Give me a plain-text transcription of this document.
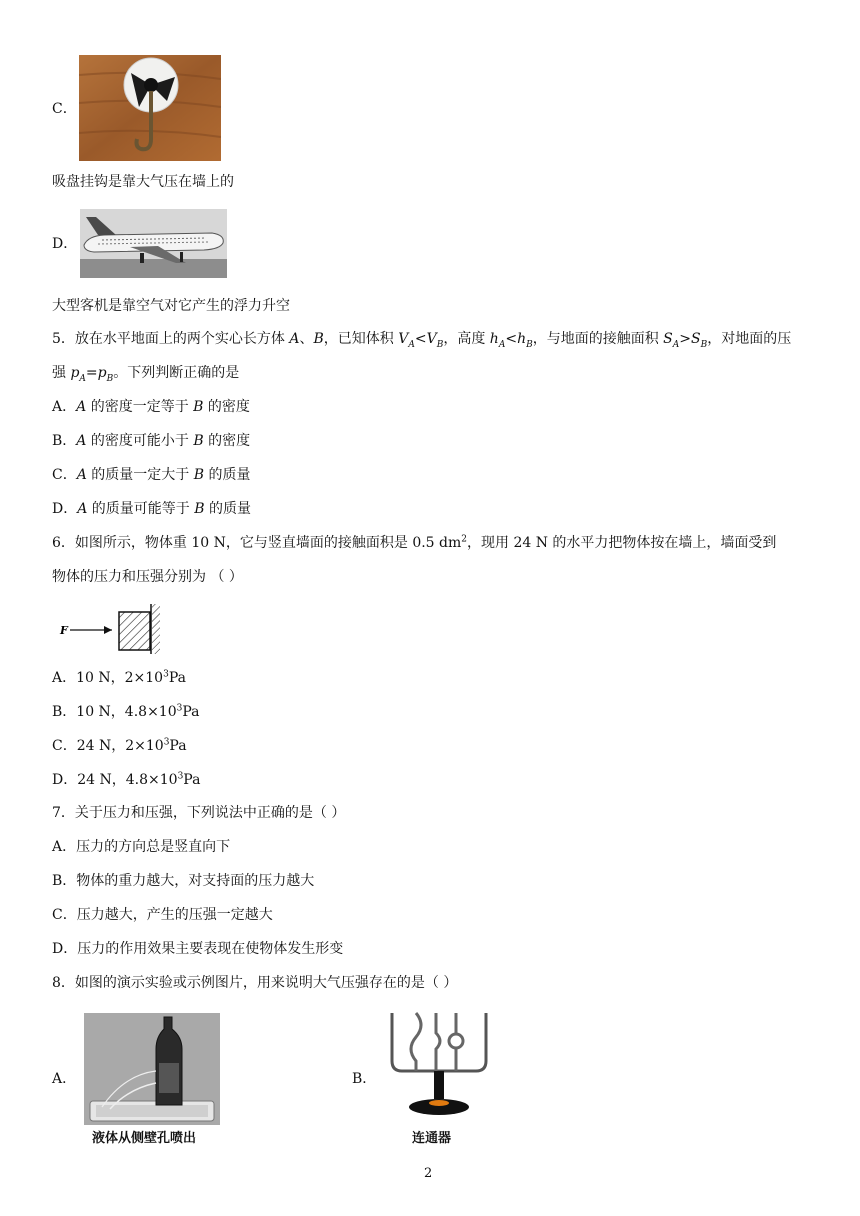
C．
吸盘挂钩是靠大气压在墙上的
D．
大型客机是靠空气对它产生的浮力升空
5．放在水平地面上的两个实心长方体 A、B，已知体积 $V_A<V_B$，高度 $h_A<h_B$，与地面的接触面积 $S_A>S_B$，对地面的压
强 $p_A=p_B$。下列判断正确的是
A．A 的密度一定等于 B 的密度
B．A 的密度可能小于 B 的密度
C．A 的质量一定大于 B 的质量
D．A 的质量可能等于 B 的质量
6．如图所示，物体重 10 N，它与竖直墙面的接触面积是 0.5 $dm^2$，现用 24 N 的水平力把物体按在墙上，墙面受到
物体的压力和压强分别为 （ ）
F
A．10 N，$2\times 10^3Pa$
B．10 N，$4.8\times 10^3Pa$
C．24 N，$2\times 10^3Pa$
D．24 N，$4.8\times 10^3Pa$
7．关于压力和压强，下列说法中正确的是（ ）
A．压力的方向总是竖直向下
B．物体的重力越大，对支持面的压力越大
C．压力越大，产生的压强一定越大
D．压力的作用效果主要表现在使物体发生形变
8．如图的演示实验或示例图片，用来说明大气压强存在的是（ ）
A．
液体从侧壁孔喷出
B．
连通器
2
